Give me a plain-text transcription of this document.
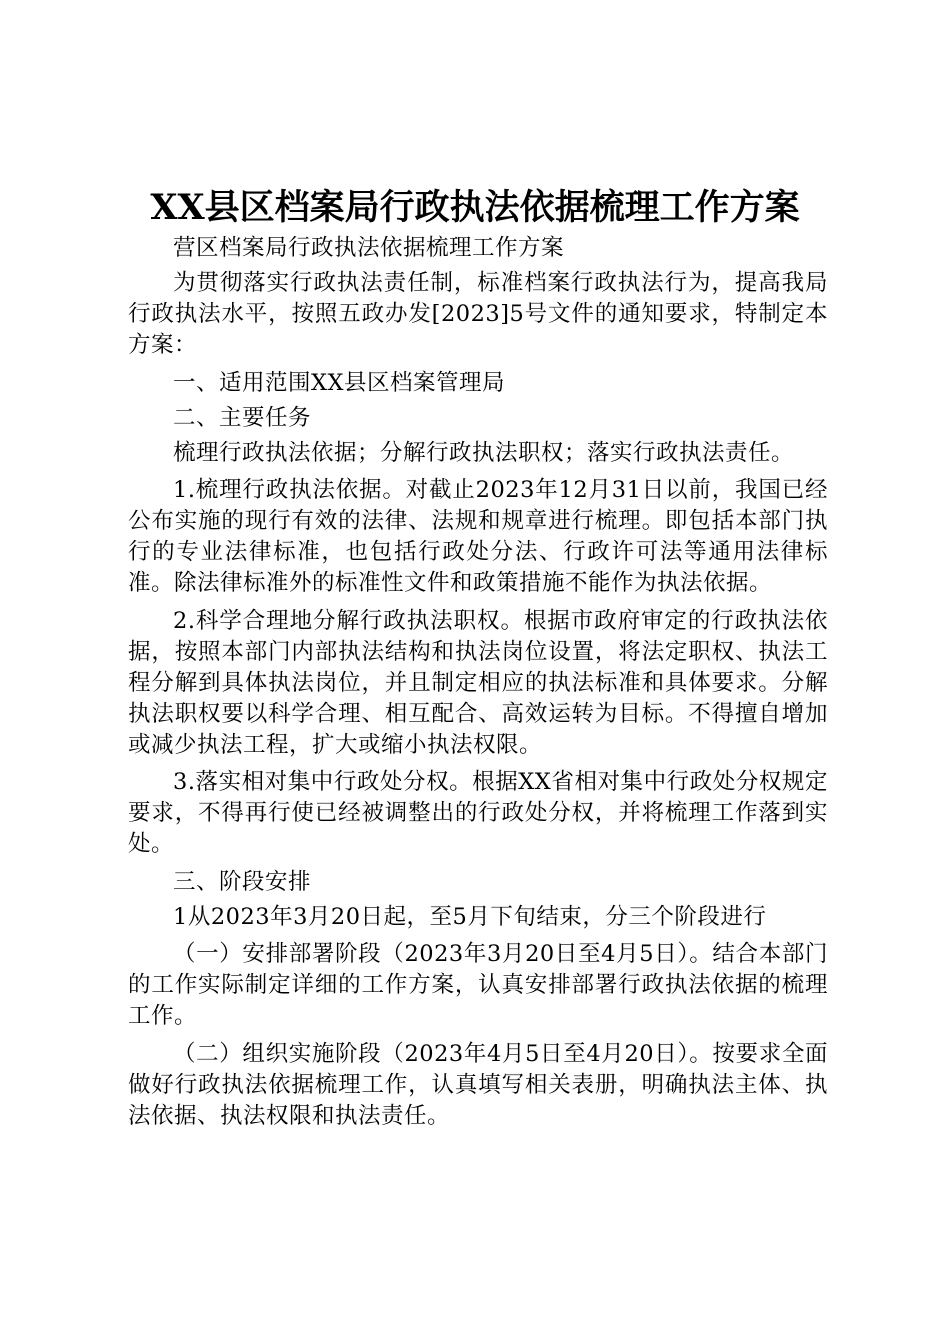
XX县区档案局行政执法依据梳理工作方案

营区档案局行政执法依据梳理工作方案

为贯彻落实行政执法责任制，标准档案行政执法行为，提高我局行政执法水平，按照五政办发[2023]5号文件的通知要求，特制定本方案：

一、适用范围XX县区档案管理局

二、主要任务

梳理行政执法依据；分解行政执法职权；落实行政执法责任。

1.梳理行政执法依据。对截止2023年12月31日以前，我国已经公布实施的现行有效的法律、法规和规章进行梳理。即包括本部门执行的专业法律标准，也包括行政处分法、行政许可法等通用法律标准。除法律标准外的标准性文件和政策措施不能作为执法依据。

2.科学合理地分解行政执法职权。根据市政府审定的行政执法依据，按照本部门内部执法结构和执法岗位设置，将法定职权、执法工程分解到具体执法岗位，并且制定相应的执法标准和具体要求。分解执法职权要以科学合理、相互配合、高效运转为目标。不得擅自增加或减少执法工程，扩大或缩小执法权限。

3.落实相对集中行政处分权。根据XX省相对集中行政处分权规定要求，不得再行使已经被调整出的行政处分权，并将梳理工作落到实处。

三、阶段安排

1从2023年3月20日起，至5月下旬结束，分三个阶段进行

（一）安排部署阶段（2023年3月20日至4月5日）。结合本部门的工作实际制定详细的工作方案，认真安排部署行政执法依据的梳理工作。

（二）组织实施阶段（2023年4月5日至4月20日）。按要求全面做好行政执法依据梳理工作，认真填写相关表册，明确执法主体、执法依据、执法权限和执法责任。
